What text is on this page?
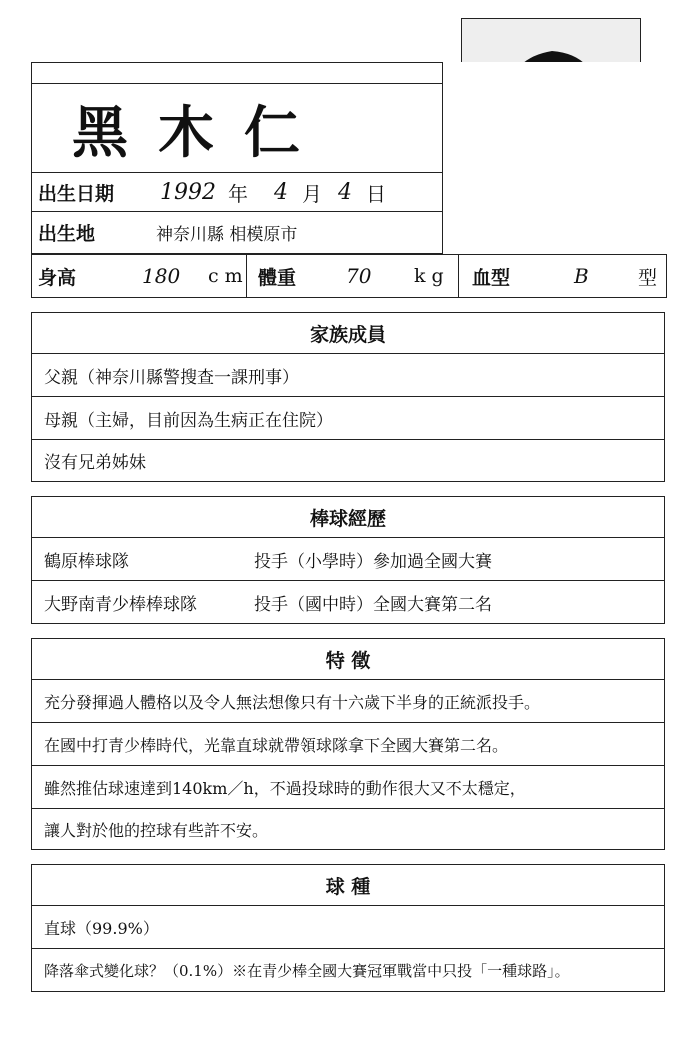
黑木仁
出生日期	1992 年 4 月 4 日
出生地	神奈川縣 相模原市
身高	180 cm 體重 70 kg 血型	B	型
家族成員
父親（神奈川縣警搜查一課刑事）
母親（主婦，目前因為生病正在住院）
沒有兄弟姊妹
棒球經歷
鶴原棒球隊	投手（小學時）參加過全國大賽
大野南青少棒棒球隊	投手（國中時）全國大賽第二名
特 徵
充分發揮過人體格以及令人無法想像只有十六歲下半身的正統派投手。
在國中打青少棒時代，光靠直球就帶領球隊拿下全國大賽第二名。
雖然推估球速達到140km／h，不過投球時的動作很大又不太穩定，
讓人對於他的控球有些許不安。
球 種
直球（99.9%）
降落傘式變化球？（0.1%）※在青少棒全國大賽冠軍戰當中只投「一種球路」。
